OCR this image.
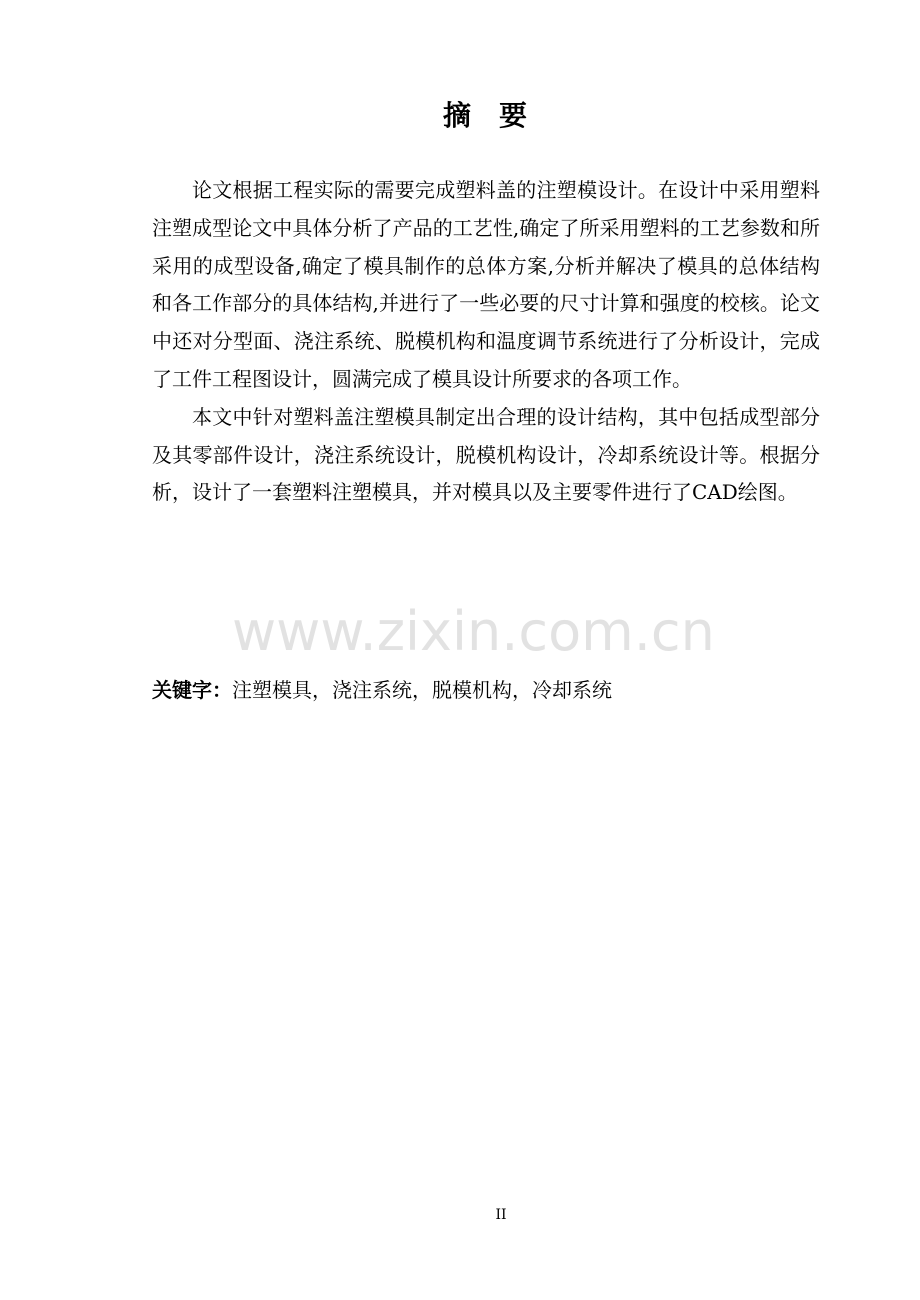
摘 要

论文根据工程实际的需要完成塑料盖的注塑模设计。在设计中采用塑料注塑成型论文中具体分析了产品的工艺性,确定了所采用塑料的工艺参数和所采用的成型设备,确定了模具制作的总体方案,分析并解决了模具的总体结构和各工作部分的具体结构,并进行了一些必要的尺寸计算和强度的校核。论文中还对分型面、浇注系统、脱模机构和温度调节系统进行了分析设计，完成了工件工程图设计，圆满完成了模具设计所要求的各项工作。

本文中针对塑料盖注塑模具制定出合理的设计结构，其中包括成型部分及其零部件设计，浇注系统设计，脱模机构设计，冷却系统设计等。根据分析，设计了一套塑料注塑模具，并对模具以及主要零件进行了CAD绘图。

www.zixin.com.cn
关键字：注塑模具，浇注系统，脱模机构，冷却系统
II
